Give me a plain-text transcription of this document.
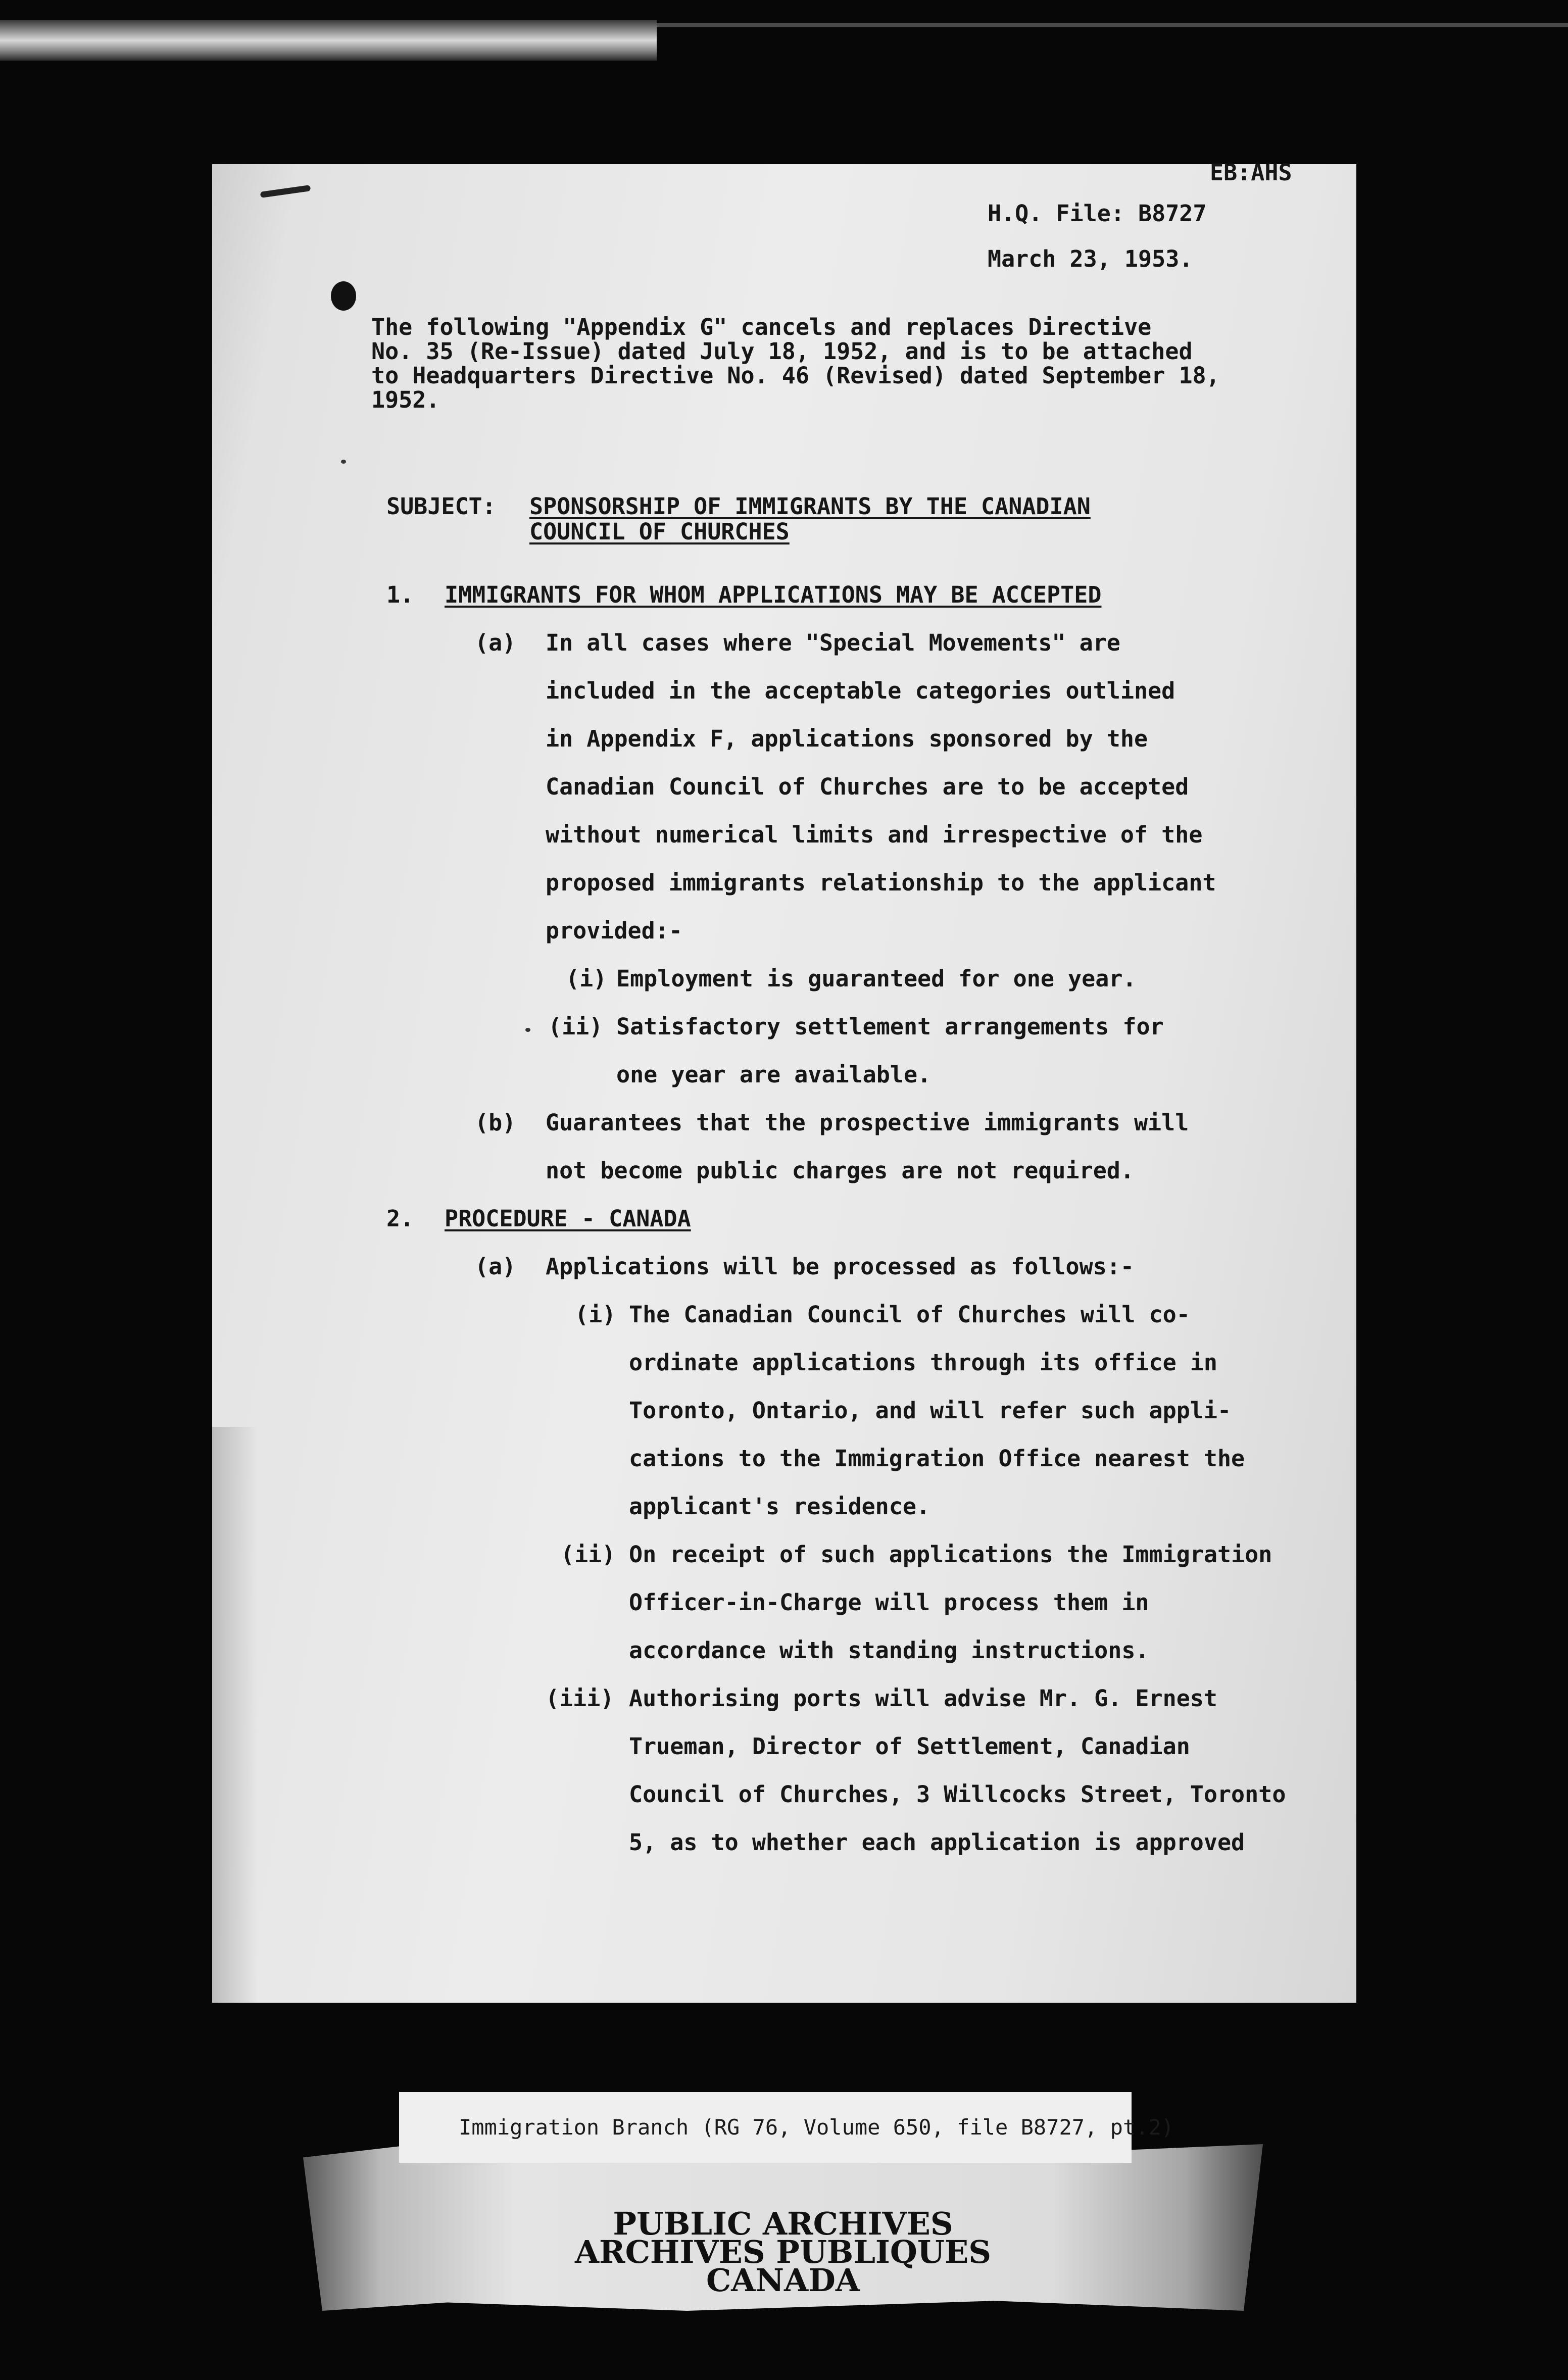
EB:AHS
H.Q. File: B8727
March 23, 1953.
The following "Appendix G" cancels and replaces Directive
No. 35 (Re-Issue) dated July 18, 1952, and is to be attached
to Headquarters Directive No. 46 (Revised) dated September 18,
1952.
SUBJECT: SPONSORSHIP OF IMMIGRANTS BY THE CANADIAN
COUNCIL OF CHURCHES
1. IMMIGRANTS FOR WHOM APPLICATIONS MAY BE ACCEPTED
(a) In all cases where "Special Movements" are
included in the acceptable categories outlined
in Appendix F, applications sponsored by the
Canadian Council of Churches are to be accepted
without numerical limits and irrespective of the
proposed immigrants relationship to the applicant
provided:-
(i) Employment is guaranteed for one year.
(ii) Satisfactory settlement arrangements for
one year are available.
(b) Guarantees that the prospective immigrants will
not become public charges are not required.
2. PROCEDURE - CANADA
(a) Applications will be processed as follows:-
(i) The Canadian Council of Churches will co-
ordinate applications through its office in
Toronto, Ontario, and will refer such appli-
cations to the Immigration Office nearest the
applicant's residence.
(ii) On receipt of such applications the Immigration
Officer-in-Charge will process them in
accordance with standing instructions.
(iii) Authorising ports will advise Mr. G. Ernest
Trueman, Director of Settlement, Canadian
Council of Churches, 3 Willcocks Street, Toronto
5, as to whether each application is approved
Immigration Branch (RG 76, Volume 650, file B8727, pt.2)
PUBLIC ARCHIVES
ARCHIVES PUBLIQUES
CANADA
